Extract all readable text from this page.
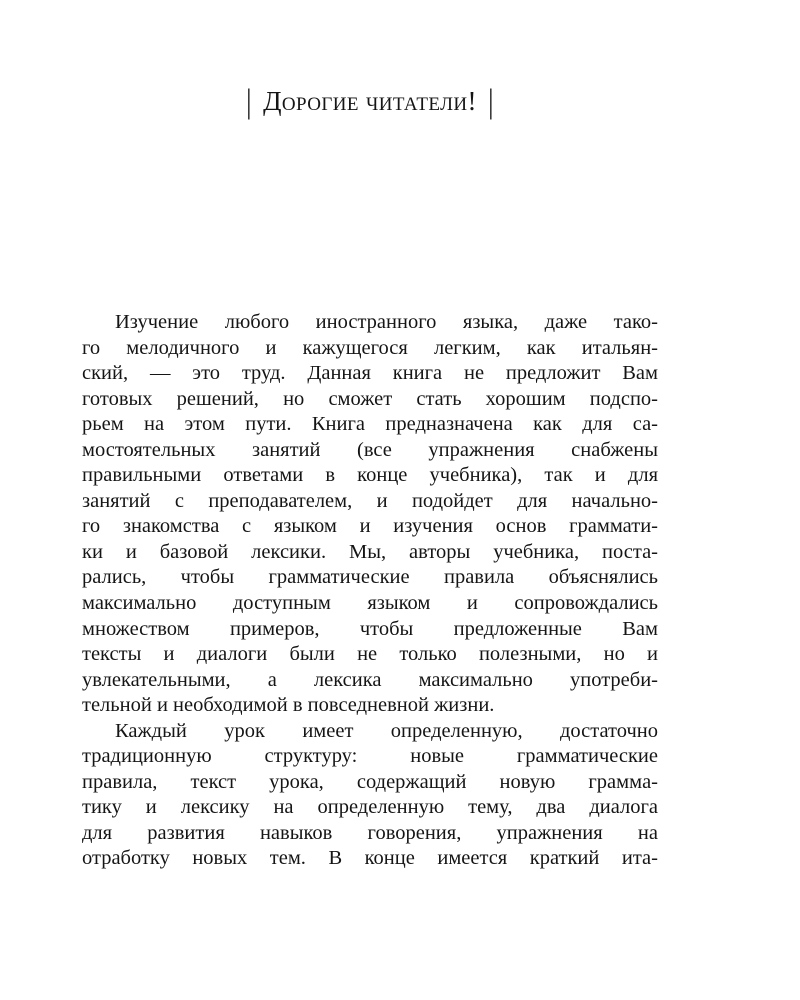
| Дорогие читатели! |
Изучение любого иностранного языка, даже тако-
го мелодичного и кажущегося легким, как итальян-
ский, — это труд. Данная книга не предложит Вам
готовых решений, но сможет стать хорошим подспо-
рьем на этом пути. Книга предназначена как для са-
мостоятельных занятий (все упражнения снабжены
правильными ответами в конце учебника), так и для
занятий с преподавателем, и подойдет для начально-
го знакомства с языком и изучения основ граммати-
ки и базовой лексики. Мы, авторы учебника, поста-
рались, чтобы грамматические правила объяснялись
максимально доступным языком и сопровождались
множеством примеров, чтобы предложенные Вам
тексты и диалоги были не только полезными, но и
увлекательными, а лексика максимально употреби-
тельной и необходимой в повседневной жизни.
Каждый урок имеет определенную, достаточно
традиционную структуру: новые грамматические
правила, текст урока, содержащий новую граммa-
тику и лексику на определенную тему, два диалога
для развития навыков говорения, упражнения на
отработку новых тем. В конце имеется краткий ита-
